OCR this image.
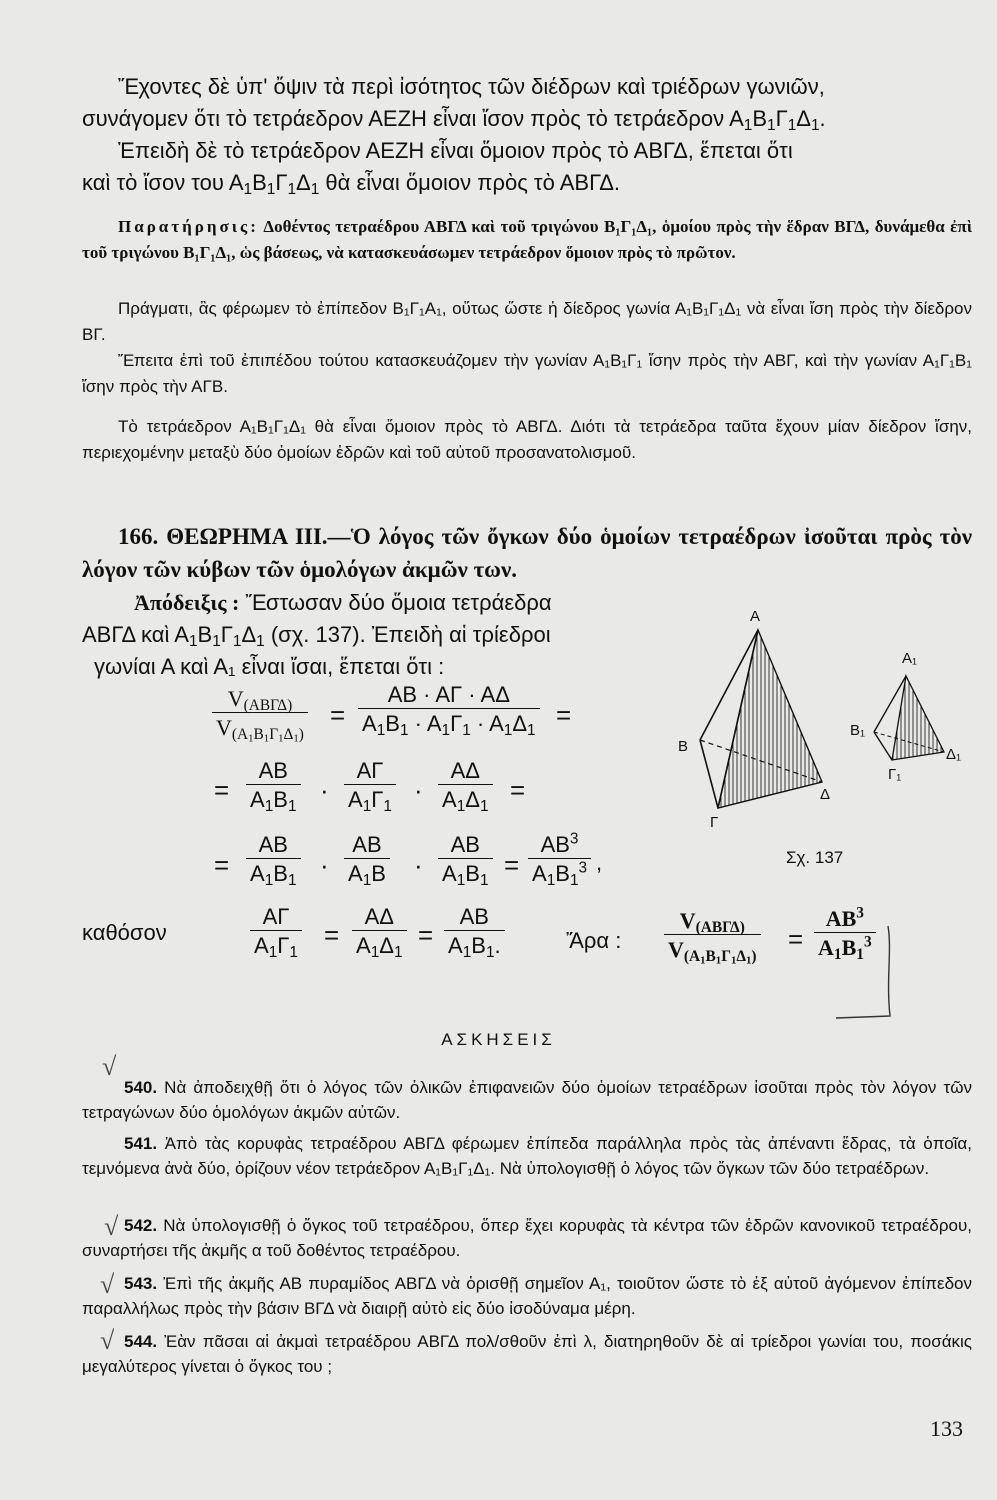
Ἔχοντες δὲ ὑπ' ὄψιν τὰ περὶ ἰσότητος τῶν διέδρων καὶ τριέδρων γωνιῶν,

συνάγομεν ὅτι τὸ τετράεδρον ΑΕΖΗ εἶναι ἴσον πρὸς τὸ τετράεδρον $A_1B_1\Gamma_1\Delta_1$.

Ἐπειδὴ δὲ τὸ τετράεδρον ΑΕΖΗ εἶναι ὅμοιον πρὸς τὸ ΑΒΓΔ, ἕπεται ὅτι

καὶ τὸ ἴσον του $A_1B_1\Gamma_1\Delta_1$ θὰ εἶναι ὅμοιον πρὸς τὸ ΑΒΓΔ.

Παρατήρησις: Δοθέντος τετραέδρου ΑΒΓΔ καὶ τοῦ τριγώνου Β₁Γ₁Δ₁, ὁμοίου πρὸς τὴν ἕδραν ΒΓΔ, δυνάμεθα ἐπὶ τοῦ τριγώνου Β₁Γ₁Δ₁, ὡς βάσεως, νὰ κατασκευάσωμεν τετράεδρον ὅμοιον πρὸς τὸ πρῶτον.

Πράγματι, ἂς φέρωμεν τὸ ἐπίπεδον Β₁Γ₁Α₁, οὕτως ὥστε ἡ δίεδρος γωνία Α₁Β₁Γ₁Δ₁ νὰ εἶναι ἴση πρὸς τὴν δίεδρον ΒΓ.

Ἔπειτα ἐπὶ τοῦ ἐπιπέδου τούτου κατασκευάζομεν τὴν γωνίαν Α₁Β₁Γ₁ ἴσην πρὸς τὴν ΑΒΓ, καὶ τὴν γωνίαν Α₁Γ₁Β₁ ἴσην πρὸς τὴν ΑΓΒ.

Τὸ τετράεδρον Α₁Β₁Γ₁Δ₁ θὰ εἶναι ὅμοιον πρὸς τὸ ΑΒΓΔ. Διότι τὰ τετράεδρα ταῦτα ἔχουν μίαν δίεδρον ἴσην, περιεχομένην μεταξὺ δύο ὁμοίων ἑδρῶν καὶ τοῦ αὐτοῦ προσανατολισμοῦ.

166. ΘΕΩΡΗΜΑ ΙΙΙ.—Ὁ λόγος τῶν ὄγκων δύο ὁμοίων τετραέδρων ἰσοῦται πρὸς τὸν λόγον τῶν κύβων τῶν ὁμολόγων ἀκμῶν των.

Ἀπόδειξις : Ἔστωσαν δύο ὅμοια τετράεδρα

ΑΒΓΔ καὶ $A_1B_1\Gamma_1\Delta_1$ (σχ. 137). Ἐπειδὴ αἱ τρίεδροι

γωνίαι Α καὶ Α₁ εἶναι ἴσαι, ἕπεται ὅτι :

$V_{(AB\Gamma\Delta)}$
$V_{(A_1B_1\Gamma_1\Delta_1)}$
= $\frac{AB \cdot A\Gamma \cdot A\Delta}{A_1B_1 \cdot A_1\Gamma_1 \cdot A_1\Delta_1}$ =
= $\frac{AB}{A_1B_1} \cdot \frac{A\Gamma}{A_1\Gamma_1} \cdot \frac{A\Delta}{A_1\Delta_1}$ =
= $\frac{AB}{A_1B_1} \cdot \frac{AB}{A_1B} \cdot \frac{AB}{A_1B_1} = \frac{AB^3}{A_1B_1^3}$ ,
καθόσον	$\frac{A\Gamma}{A_1\Gamma_1} = \frac{A\Delta}{A_1\Delta_1} = \frac{AB}{A_1B_1.}$	Ἄρα :
$V_{(AB\Gamma\Delta)}$
$V_{(A_1B_1\Gamma_1\Delta_1)}$
= $\frac{AB^3}{A_1B_1^3}$
Α
Β
Γ
Δ
Α₁
Β₁
Γ₁
Δ₁
Σχ. 137
ΑΣΚΗΣΕΙΣ
√

540. Νὰ ἀποδειχθῇ ὅτι ὁ λόγος τῶν ὁλικῶν ἐπιφανειῶν δύο ὁμοίων τετραέδρων ἰσοῦται πρὸς τὸν λόγον τῶν τετραγώνων δύο ὁμολόγων ἀκμῶν αὐτῶν.

541. Ἀπὸ τὰς κορυφὰς τετραέδρου ΑΒΓΔ φέρωμεν ἐπίπεδα παράλληλα πρὸς τὰς ἀπέναντι ἕδρας, τὰ ὁποῖα, τεμνόμενα ἀνὰ δύο, ὁρίζουν νέον τετράεδρον Α₁Β₁Γ₁Δ₁. Νὰ ὑπολογισθῇ ὁ λόγος τῶν ὄγκων τῶν δύο τετραέδρων.

√ 542. Νὰ ὑπολογισθῇ ὁ ὄγκος τοῦ τετραέδρου, ὅπερ ἔχει κορυφὰς τὰ κέντρα τῶν ἑδρῶν κανονικοῦ τετραέδρου, συναρτήσει τῆς ἀκμῆς α τοῦ δοθέντος τετραέδρου.

√ 543. Ἐπὶ τῆς ἀκμῆς ΑΒ πυραμίδος ΑΒΓΔ νὰ ὁρισθῇ σημεῖον Α₁, τοιοῦτον ὥστε τὸ ἐξ αὐτοῦ ἀγόμενον ἐπίπεδον παραλλήλως πρὸς τὴν βάσιν ΒΓΔ νὰ διαιρῇ αὐτὸ εἰς δύο ἰσοδύναμα μέρη.

√ 544. Ἐὰν πᾶσαι αἱ ἀκμαὶ τετραέδρου ΑΒΓΔ πολ/σθοῦν ἐπὶ λ, διατηρηθοῦν δὲ αἱ τρίεδροι γωνίαι του, ποσάκις μεγαλύτερος γίνεται ὁ ὄγκος του ;

133
